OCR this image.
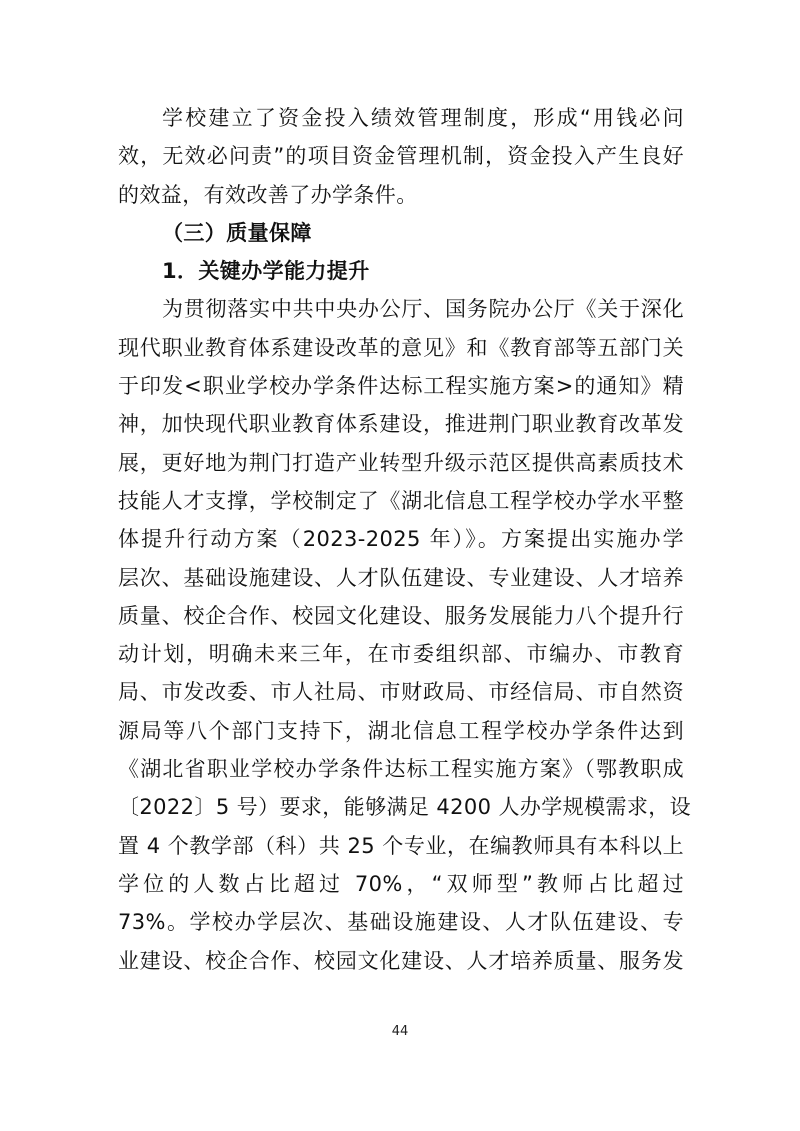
学校建立了资金投入绩效管理制度，形成“用钱必问
效，无效必问责”的项目资金管理机制，资金投入产生良好
的效益，有效改善了办学条件。
（三）质量保障
1．关键办学能力提升
为贯彻落实中共中央办公厅、国务院办公厅《关于深化
现代职业教育体系建设改革的意见》和《教育部等五部门关
于印发<职业学校办学条件达标工程实施方案>的通知》精
神，加快现代职业教育体系建设，推进荆门职业教育改革发
展，更好地为荆门打造产业转型升级示范区提供高素质技术
技能人才支撑，学校制定了《湖北信息工程学校办学水平整
体提升行动方案（2023-2025 年）》。方案提出实施办学
层次、基础设施建设、人才队伍建设、专业建设、人才培养
质量、校企合作、校园文化建设、服务发展能力八个提升行
动计划，明确未来三年，在市委组织部、市编办、市教育
局、市发改委、市人社局、市财政局、市经信局、市自然资
源局等八个部门支持下，湖北信息工程学校办学条件达到
《湖北省职业学校办学条件达标工程实施方案》（鄂教职成
〔2022〕5 号）要求，能够满足 4200 人办学规模需求，设
置 4 个教学部（科）共 25 个专业，在编教师具有本科以上
学位的人数占比超过 70%，“双师型”教师占比超过
73%。学校办学层次、基础设施建设、人才队伍建设、专
业建设、校企合作、校园文化建设、人才培养质量、服务发
44
